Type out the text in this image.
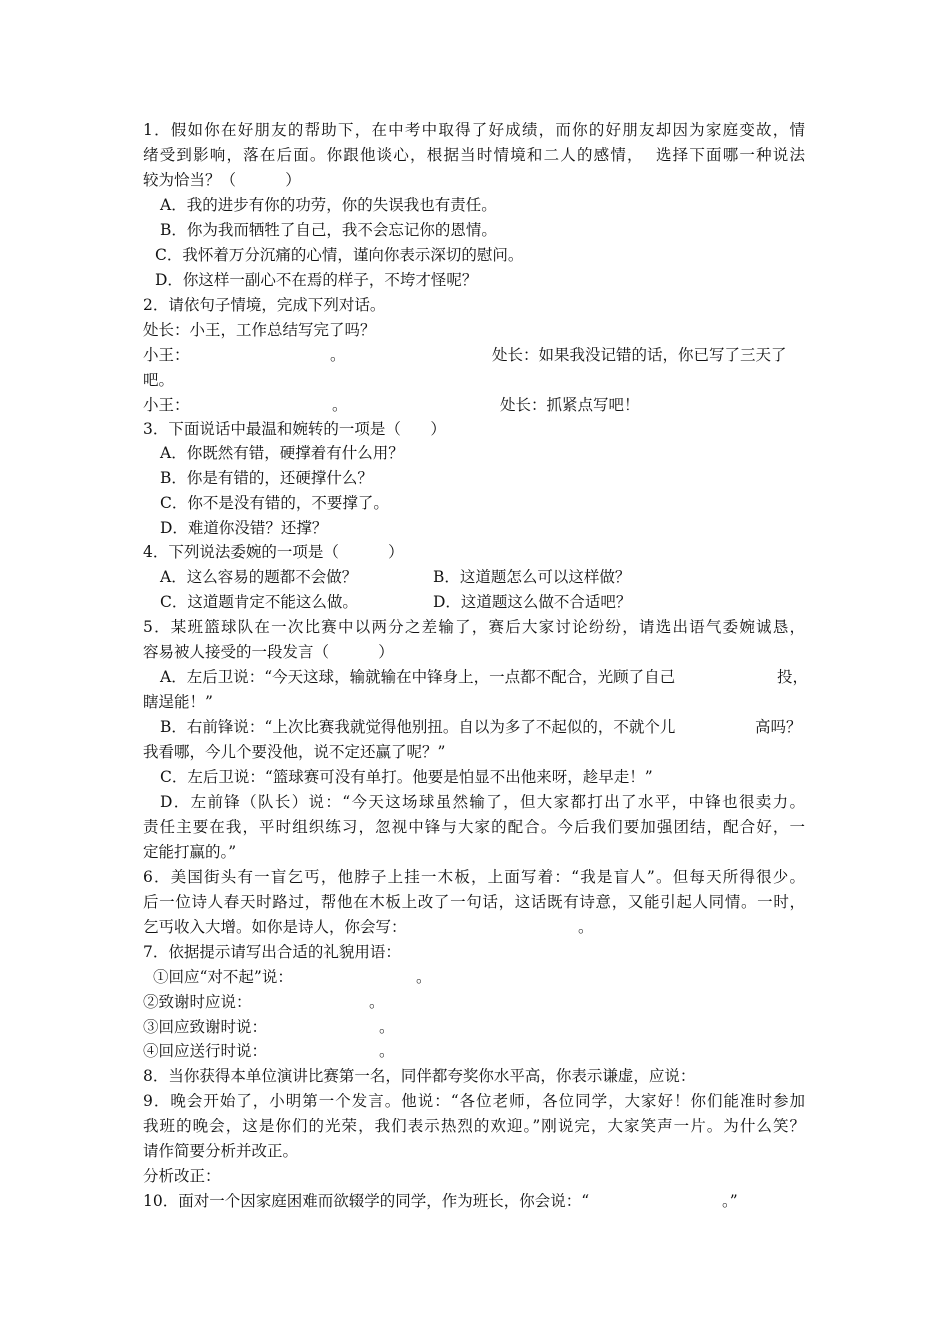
1．假如你在好朋友的帮助下，在中考中取得了好成绩，而你的好朋友却因为家庭变故，情
绪受到影响，落在后面。你跟他谈心，根据当时情境和二人的感情，  选择下面哪一种说法
较为恰当？（          ）
A．我的进步有你的功劳，你的失误我也有责任。
B．你为我而牺牲了自己，我不会忘记你的恩情。
C．我怀着万分沉痛的心情，谨向你表示深切的慰问。
D．你这样一副心不在焉的样子，不垮才怪呢？
2．请依句子情境，完成下列对话。
处长：小王，工作总结写完了吗？
小王：	。	处长：如果我没记错的话，你已写了三天了
吧。
小王：	。	处长：抓紧点写吧！
3．下面说话中最温和婉转的一项是（      ）
A．你既然有错，硬撑着有什么用？
B．你是有错的，还硬撑什么？
C．你不是没有错的，不要撑了。
D．难道你没错？还撑？
4．下列说法委婉的一项是（          ）
A．这么容易的题都不会做？	B．这道题怎么可以这样做？
C．这道题肯定不能这么做。	D．这道题这么做不合适吧？
5．某班篮球队在一次比赛中以两分之差输了，赛后大家讨论纷纷，请选出语气委婉诚恳，
容易被人接受的一段发言（          ）
A．左后卫说：“今天这球，输就输在中锋身上，一点都不配合，光顾了自己	投，
瞎逞能！”
B．右前锋说：“上次比赛我就觉得他别扭。自以为多了不起似的，不就个儿	高吗？
我看哪，今儿个要没他，说不定还赢了呢？”
C．左后卫说：“篮球赛可没有单打。他要是怕显不出他来呀，趁早走！”
D．左前锋（队长）说：“今天这场球虽然输了，但大家都打出了水平，中锋也很卖力。
责任主要在我，平时组织练习，忽视中锋与大家的配合。今后我们要加强团结，配合好，一
定能打赢的。”
6．美国街头有一盲乞丐，他脖子上挂一木板，上面写着：“我是盲人”。但每天所得很少。
后一位诗人春天时路过，帮他在木板上改了一句话，这话既有诗意，又能引起人同情。一时，
乞丐收入大增。如你是诗人，你会写：	。
7．依据提示请写出合适的礼貌用语：
①回应“对不起”说：	。
②致谢时应说：	。
③回应致谢时说：	。
④回应送行时说：	。
8．当你获得本单位演讲比赛第一名，同伴都夸奖你水平高，你表示谦虚，应说：
9．晚会开始了，小明第一个发言。他说：“各位老师，各位同学，大家好！你们能准时参加
我班的晚会，这是你们的光荣，我们表示热烈的欢迎。”刚说完，大家笑声一片。为什么笑？
请作简要分析并改正。
分析改正：
10．面对一个因家庭困难而欲辍学的同学，作为班长，你会说：“	。”
